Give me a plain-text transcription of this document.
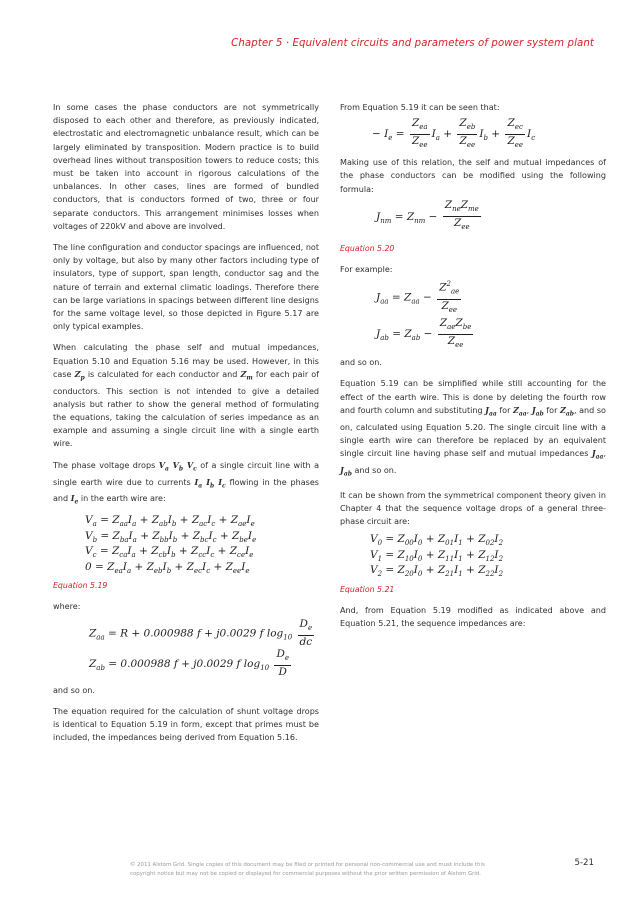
Chapter 5 · Equivalent circuits and parameters of power system plant

In some cases the phase conductors are not symmetrically disposed to each other and therefore, as previously indicated, electrostatic and electromagnetic unbalance result, which can be largely eliminated by transposition. Modern practice is to build overhead lines without transposition towers to reduce costs; this must be taken into account in rigorous calculations of the unbalances. In other cases, lines are formed of bundled conductors, that is conductors formed of two, three or four separate conductors. This arrangement minimises losses when voltages of 220kV and above are involved.

The line configuration and conductor spacings are influenced, not only by voltage, but also by many other factors including type of insulators, type of support, span length, conductor sag and the nature of terrain and external climatic loadings. Therefore there can be large variations in spacings between different line designs for the same voltage level, so those depicted in Figure 5.17 are only typical examples.

When calculating the phase self and mutual impedances, Equation 5.10 and Equation 5.16 may be used. However, in this case $Z_p$ is calculated for each conductor and $Z_m$ for each pair of conductors. This section is not intended to give a detailed analysis but rather to show the general method of formulating the equations, taking the calculation of series impedance as an example and assuming a single circuit line with a single earth wire.

The phase voltage drops $V_a$ $V_b$ $V_c$ of a single circuit line with a single earth wire due to currents $I_a$ $I_b$ $I_c$ flowing in the phases and $I_e$ in the earth wire are:

$V_a = Z_{aa}I_a + Z_{ab}I_b + Z_{ac}I_c + Z_{ae}I_e$
$V_b = Z_{ba}I_a + Z_{bb}I_b + Z_{bc}I_c + Z_{be}I_e$
$V_c = Z_{ca}I_a + Z_{cb}I_b + Z_{cc}I_c + Z_{ce}I_e$
$0 = Z_{ea}I_a + Z_{eb}I_b + Z_{ec}I_c + Z_{ee}I_e$
Equation 5.19

where:

$Z_{aa} = R + 0.000988$ f + j0.0029 f $\log_{10} \frac{D_e}{dc}$
$Z_{ab} = 0.000988$ f + j0.0029 f $\log_{10} \frac{D_e}{D}$

and so on.

The equation required for the calculation of shunt voltage drops is identical to Equation 5.19 in form, except that primes must be included, the impedances being derived from Equation 5.16.

From Equation 5.19 it can be seen that:

− $I_e = \frac{Z_{ea}}{Z_{ee}} I_a + \frac{Z_{eb}}{Z_{ee}} I_b + \frac{Z_{ec}}{Z_{ee}} I_c$

Making use of this relation, the self and mutual impedances of the phase conductors can be modified using the following formula:

$J_{nm} = Z_{nm} - \frac{Z_{ne}Z_{me}}{Z_{ee}}$
Equation 5.20

For example:

$J_{aa} = Z_{aa} - \frac{Z^2_{ae}}{Z_{ee}}$
$J_{ab} = Z_{ab} - \frac{Z_{ae}Z_{be}}{Z_{ee}}$

and so on.

Equation 5.19 can be simplified while still accounting for the effect of the earth wire. This is done by deleting the fourth row and fourth column and substituting $J_{aa}$ for $Z_{aa}$, $J_{ab}$ for $Z_{ab}$, and so on, calculated using Equation 5.20. The single circuit line with a single earth wire can therefore be replaced by an equivalent single circuit line having phase self and mutual impedances $J_{aa}$, $J_{ab}$ and so on.

It can be shown from the symmetrical component theory given in Chapter 4 that the sequence voltage drops of a general three-phase circuit are:

$V_0 = Z_{00}I_0 + Z_{01}I_1 + Z_{02}I_2$
$V_1 = Z_{10}I_0 + Z_{11}I_1 + Z_{12}I_2$
$V_2 = Z_{20}I_0 + Z_{21}I_1 + Z_{22}I_2$
Equation 5.21

And, from Equation 5.19 modified as indicated above and Equation 5.21, the sequence impedances are:

© 2011 Alstom Grid. Single copies of this document may be filed or printed for personal non-commercial use and must include this copyright notice but may not be copied or displayed for commercial purposes without the prior written permission of Alstom Grid.
5-21
